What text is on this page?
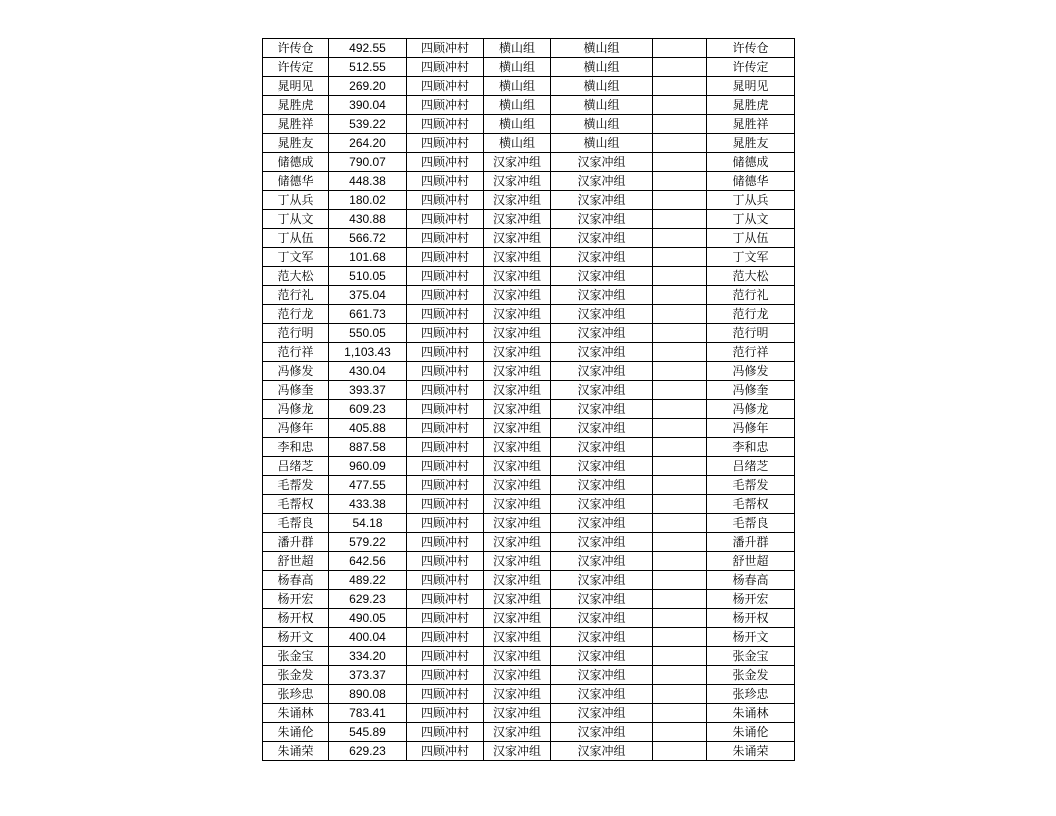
许传仓	492.55	四顾冲村	横山组	横山组		许传仓
许传定	512.55	四顾冲村	横山组	横山组		许传定
晁明见	269.20	四顾冲村	横山组	横山组		晁明见
晁胜虎	390.04	四顾冲村	横山组	横山组		晁胜虎
晁胜祥	539.22	四顾冲村	横山组	横山组		晁胜祥
晁胜友	264.20	四顾冲村	横山组	横山组		晁胜友
储德成	790.07	四顾冲村	汉家冲组	汉家冲组		储德成
储德华	448.38	四顾冲村	汉家冲组	汉家冲组		储德华
丁从兵	180.02	四顾冲村	汉家冲组	汉家冲组		丁从兵
丁从文	430.88	四顾冲村	汉家冲组	汉家冲组		丁从文
丁从伍	566.72	四顾冲村	汉家冲组	汉家冲组		丁从伍
丁文军	101.68	四顾冲村	汉家冲组	汉家冲组		丁文军
范大松	510.05	四顾冲村	汉家冲组	汉家冲组		范大松
范行礼	375.04	四顾冲村	汉家冲组	汉家冲组		范行礼
范行龙	661.73	四顾冲村	汉家冲组	汉家冲组		范行龙
范行明	550.05	四顾冲村	汉家冲组	汉家冲组		范行明
范行祥	1,103.43	四顾冲村	汉家冲组	汉家冲组		范行祥
冯修发	430.04	四顾冲村	汉家冲组	汉家冲组		冯修发
冯修奎	393.37	四顾冲村	汉家冲组	汉家冲组		冯修奎
冯修龙	609.23	四顾冲村	汉家冲组	汉家冲组		冯修龙
冯修年	405.88	四顾冲村	汉家冲组	汉家冲组		冯修年
李和忠	887.58	四顾冲村	汉家冲组	汉家冲组		李和忠
吕绪芝	960.09	四顾冲村	汉家冲组	汉家冲组		吕绪芝
毛帮发	477.55	四顾冲村	汉家冲组	汉家冲组		毛帮发
毛帮权	433.38	四顾冲村	汉家冲组	汉家冲组		毛帮权
毛帮良	54.18	四顾冲村	汉家冲组	汉家冲组		毛帮良
潘升群	579.22	四顾冲村	汉家冲组	汉家冲组		潘升群
舒世超	642.56	四顾冲村	汉家冲组	汉家冲组		舒世超
杨春高	489.22	四顾冲村	汉家冲组	汉家冲组		杨春高
杨开宏	629.23	四顾冲村	汉家冲组	汉家冲组		杨开宏
杨开权	490.05	四顾冲村	汉家冲组	汉家冲组		杨开权
杨开文	400.04	四顾冲村	汉家冲组	汉家冲组		杨开文
张金宝	334.20	四顾冲村	汉家冲组	汉家冲组		张金宝
张金发	373.37	四顾冲村	汉家冲组	汉家冲组		张金发
张珍忠	890.08	四顾冲村	汉家冲组	汉家冲组		张珍忠
朱诵林	783.41	四顾冲村	汉家冲组	汉家冲组		朱诵林
朱诵伦	545.89	四顾冲村	汉家冲组	汉家冲组		朱诵伦
朱诵荣	629.23	四顾冲村	汉家冲组	汉家冲组		朱诵荣
